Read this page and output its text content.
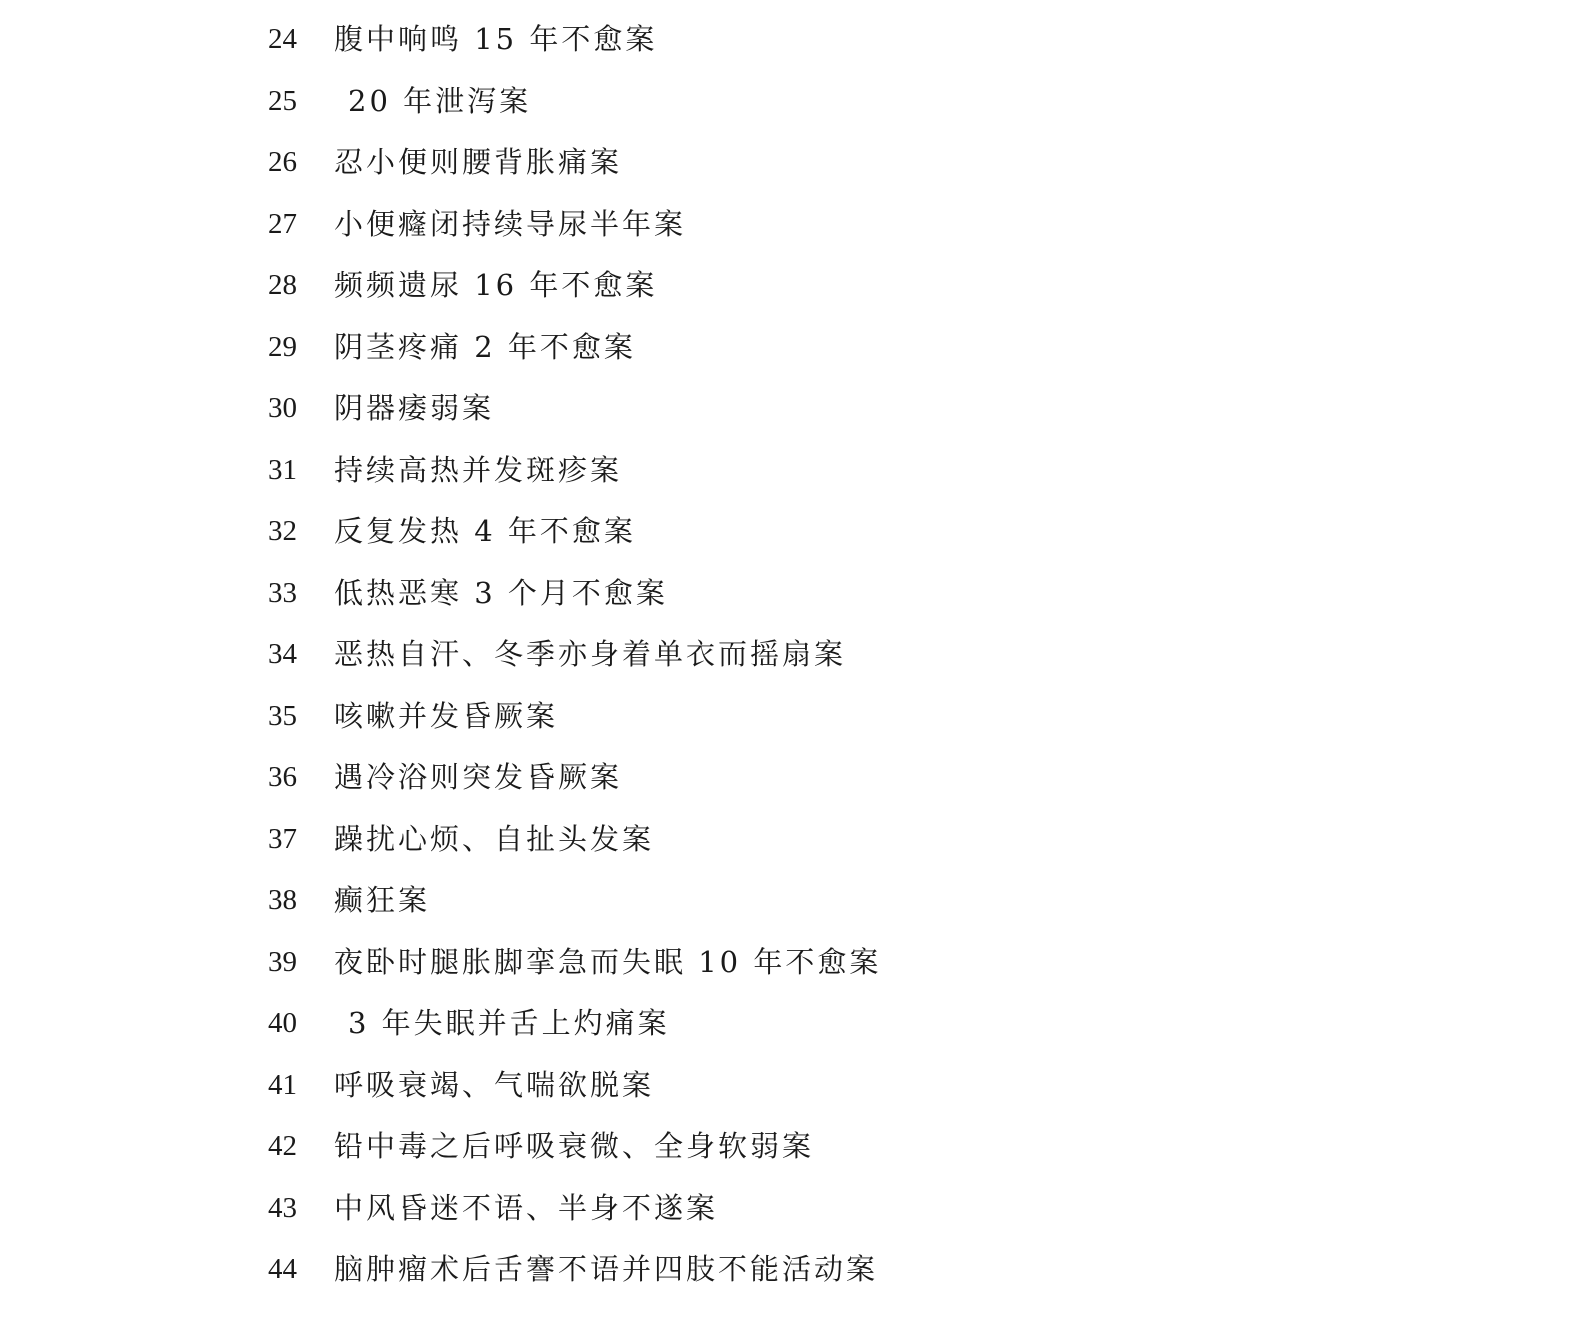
24 腹中响鸣 15 年不愈案
25 20 年泄泻案
26 忍小便则腰背胀痛案
27 小便癃闭持续导尿半年案
28 频频遗尿 16 年不愈案
29 阴茎疼痛 2 年不愈案
30 阴器痿弱案
31 持续高热并发斑疹案
32 反复发热 4 年不愈案
33 低热恶寒 3 个月不愈案
34 恶热自汗、冬季亦身着单衣而摇扇案
35 咳嗽并发昏厥案
36 遇冷浴则突发昏厥案
37 躁扰心烦、自扯头发案
38 癫狂案
39 夜卧时腿胀脚挛急而失眠 10 年不愈案
40 3 年失眠并舌上灼痛案
41 呼吸衰竭、气喘欲脱案
42 铅中毒之后呼吸衰微、全身软弱案
43 中风昏迷不语、半身不遂案
44 脑肿瘤术后舌謇不语并四肢不能活动案
